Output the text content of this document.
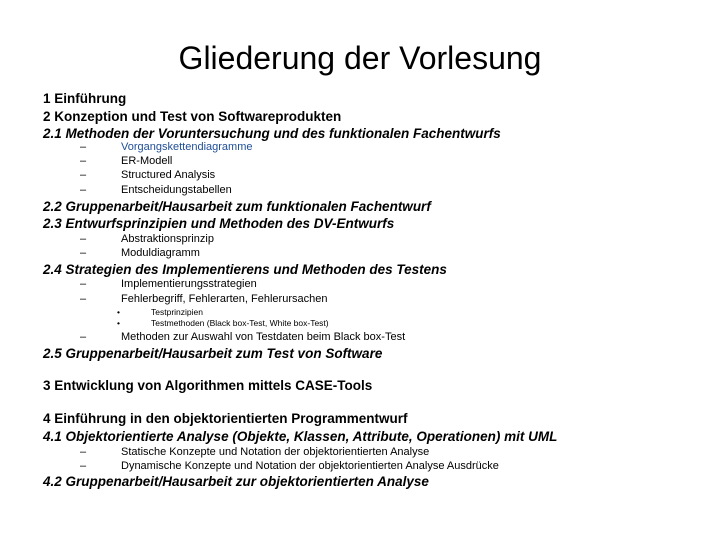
Gliederung der Vorlesung
1 Einführung
2 Konzeption und Test von Softwareprodukten
2.1 Methoden der Voruntersuchung und des funktionalen Fachentwurfs
–	Vorgangskettendiagramme
–	ER-Modell
–	Structured Analysis
–	Entscheidungstabellen
2.2 Gruppenarbeit/Hausarbeit zum funktionalen Fachentwurf
2.3 Entwurfsprinzipien und Methoden des DV-Entwurfs
–	Abstraktionsprinzip
–	Moduldiagramm
2.4 Strategien des Implementierens und Methoden des Testens
–	Implementierungsstrategien
–	Fehlerbegriff, Fehlerarten, Fehlerursachen
•	Testprinzipien
•	Testmethoden (Black box-Test, White box-Test)
–	Methoden zur Auswahl von Testdaten beim Black box-Test
2.5 Gruppenarbeit/Hausarbeit zum Test von Software
3 Entwicklung von Algorithmen mittels CASE-Tools
4 Einführung in den objektorientierten Programmentwurf
4.1 Objektorientierte Analyse (Objekte, Klassen, Attribute, Operationen) mit UML
–	Statische Konzepte und Notation der objektorientierten Analyse
–	Dynamische Konzepte und Notation der objektorientierten Analyse Ausdrücke
4.2 Gruppenarbeit/Hausarbeit zur objektorientierten Analyse
